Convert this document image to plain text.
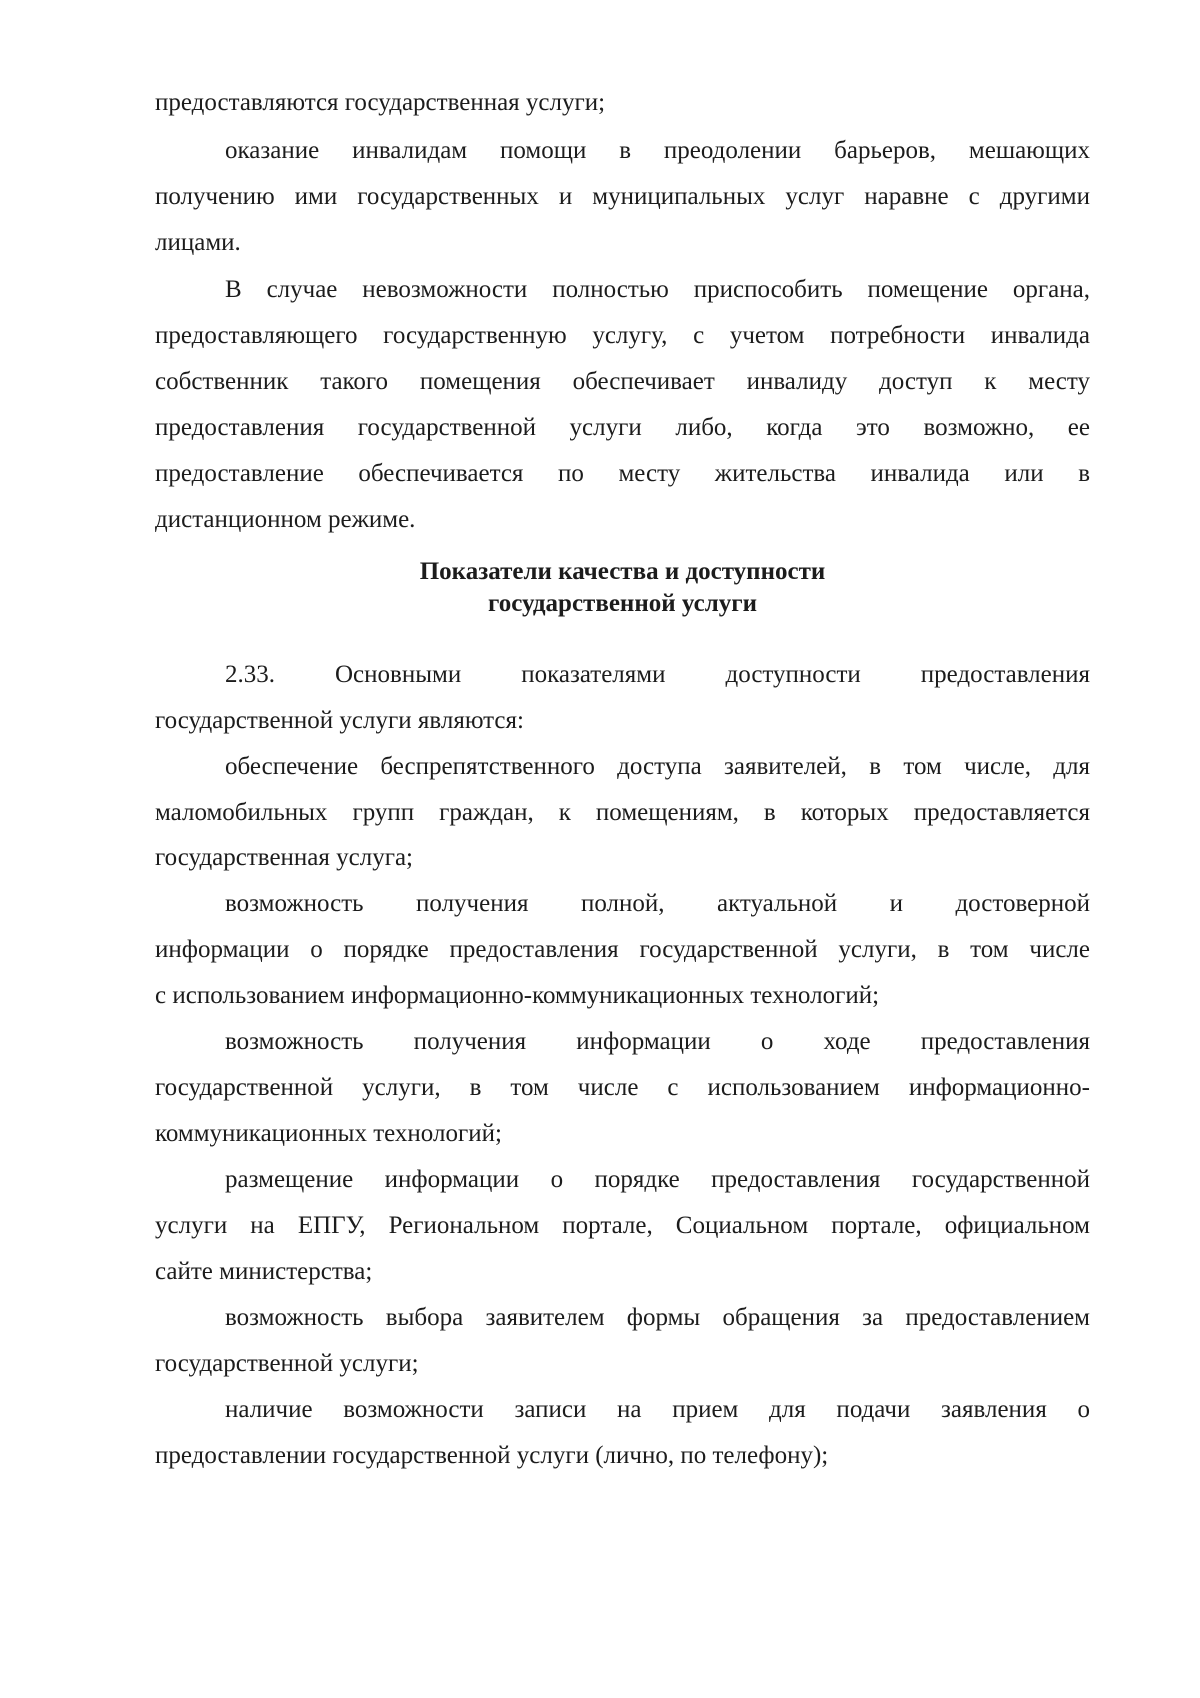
предоставляются государственная услуги;
оказание инвалидам помощи в преодолении барьеров, мешающих
получению ими государственных и муниципальных услуг наравне с другими
лицами.
В случае невозможности полностью приспособить помещение органа,
предоставляющего государственную услугу, с учетом потребности инвалида
собственник такого помещения обеспечивает инвалиду доступ к месту
предоставления государственной услуги либо, когда это возможно, ее
предоставление обеспечивается по месту жительства инвалида или в
дистанционном режиме.
Показатели качества и доступности
государственной услуги
2.33. Основными показателями доступности предоставления
государственной услуги являются:
обеспечение беспрепятственного доступа заявителей, в том числе, для
маломобильных групп граждан, к помещениям, в которых предоставляется
государственная услуга;
возможность получения полной, актуальной и достоверной
информации о порядке предоставления государственной услуги, в том числе
с использованием информационно-коммуникационных технологий;
возможность получения информации о ходе предоставления
государственной услуги, в том числе с использованием информационно-
коммуникационных технологий;
размещение информации о порядке предоставления государственной
услуги на ЕПГУ, Региональном портале, Социальном портале, официальном
сайте министерства;
возможность выбора заявителем формы обращения за предоставлением
государственной услуги;
наличие возможности записи на прием для подачи заявления о
предоставлении государственной услуги (лично, по телефону);
